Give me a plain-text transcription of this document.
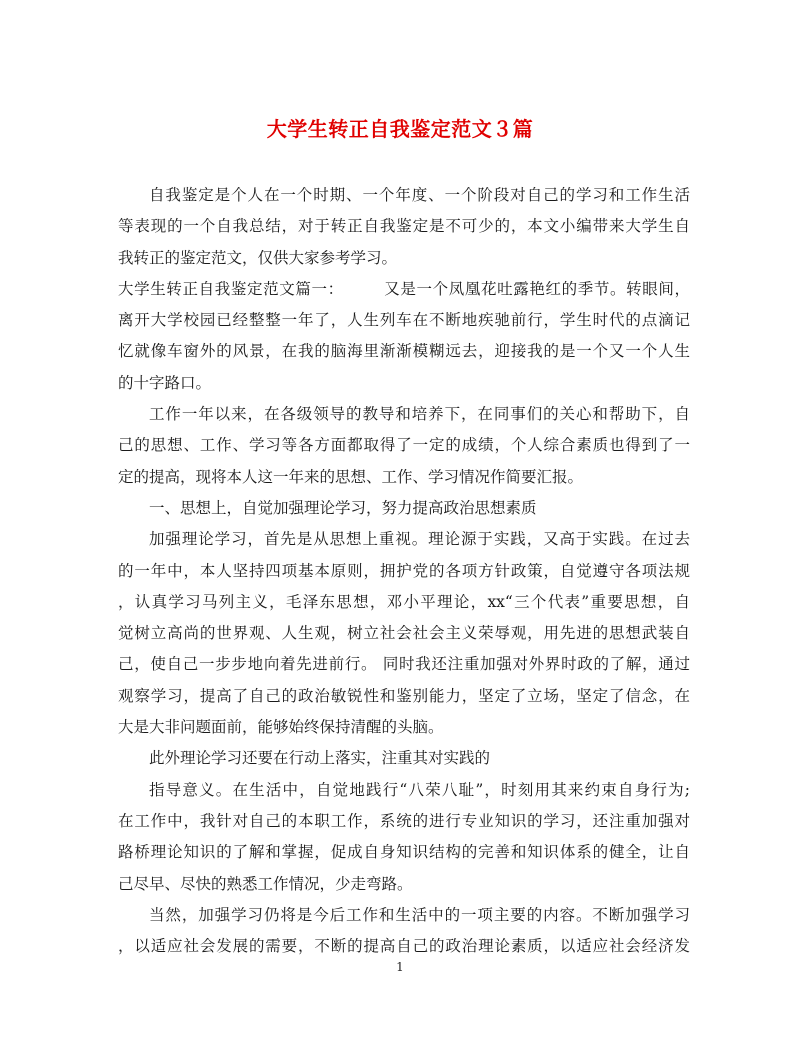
大学生转正自我鉴定范文３篇
自我鉴定是个人在一个时期、一个年度、一个阶段对自己的学习和工作生活
等表现的一个自我总结，对于转正自我鉴定是不可少的，本文小编带来大学生自
我转正的鉴定范文，仅供大家参考学习。
大学生转正自我鉴定范文篇一：　　　又是一个凤凰花吐露艳红的季节。转眼间，
离开大学校园已经整整一年了，人生列车在不断地疾驰前行，学生时代的点滴记
忆就像车窗外的风景，在我的脑海里渐渐模糊远去，迎接我的是一个又一个人生
的十字路口。
工作一年以来，在各级领导的教导和培养下，在同事们的关心和帮助下，自
己的思想、工作、学习等各方面都取得了一定的成绩，个人综合素质也得到了一
定的提高，现将本人这一年来的思想、工作、学习情况作简要汇报。
一、思想上，自觉加强理论学习，努力提高政治思想素质
加强理论学习，首先是从思想上重视。理论源于实践，又高于实践。在过去
的一年中，本人坚持四项基本原则，拥护党的各项方针政策，自觉遵守各项法规
，认真学习马列主义，毛泽东思想，邓小平理论，xx“三个代表”重要思想，自
觉树立高尚的世界观、人生观，树立社会社会主义荣辱观，用先进的思想武装自
己，使自己一步步地向着先进前行。 同时我还注重加强对外界时政的了解，通过
观察学习，提高了自己的政治敏锐性和鉴别能力，坚定了立场，坚定了信念，在
大是大非问题面前，能够始终保持清醒的头脑。
此外理论学习还要在行动上落实，注重其对实践的
指导意义。在生活中，自觉地践行“八荣八耻”，时刻用其来约束自身行为;
在工作中，我针对自己的本职工作，系统的进行专业知识的学习，还注重加强对
路桥理论知识的了解和掌握，促成自身知识结构的完善和知识体系的健全，让自
己尽早、尽快的熟悉工作情况，少走弯路。
当然，加强学习仍将是今后工作和生活中的一项主要的内容。不断加强学习
，以适应社会发展的需要，不断的提高自己的政治理论素质，以适应社会经济发
1
